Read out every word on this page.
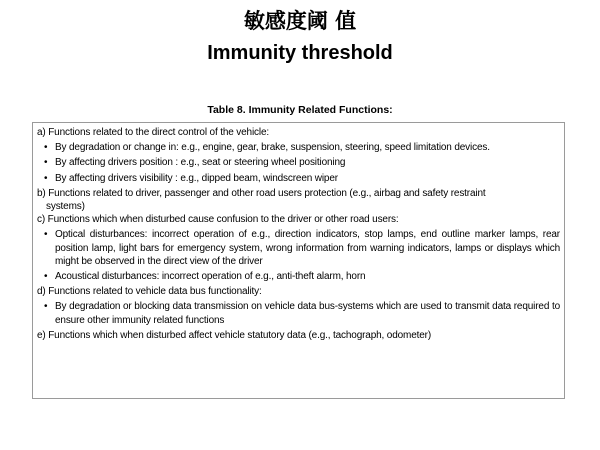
敏感度阈 值
Immunity threshold
Table 8. Immunity Related Functions:
a) Functions related to the direct control of the vehicle:
• By degradation or change in: e.g., engine, gear, brake, suspension, steering, speed limitation devices.
• By affecting drivers position : e.g., seat or steering wheel positioning
• By affecting drivers visibility : e.g., dipped beam, windscreen wiper
b) Functions related to driver, passenger and other road users protection (e.g., airbag and safety restraint
systems)
c) Functions which when disturbed cause confusion to the driver or other road users:
• Optical disturbances: incorrect operation of e.g., direction indicators, stop lamps, end outline marker lamps, rear position lamp, light bars for emergency system, wrong information from warning indicators, lamps or displays which might be observed in the direct view of the driver
• Acoustical disturbances: incorrect operation of e.g., anti-theft alarm, horn
d) Functions related to vehicle data bus functionality:
• By degradation or blocking data transmission on vehicle data bus-systems which are used to transmit data required to ensure other immunity related functions
e) Functions which when disturbed affect vehicle statutory data (e.g., tachograph, odometer)
